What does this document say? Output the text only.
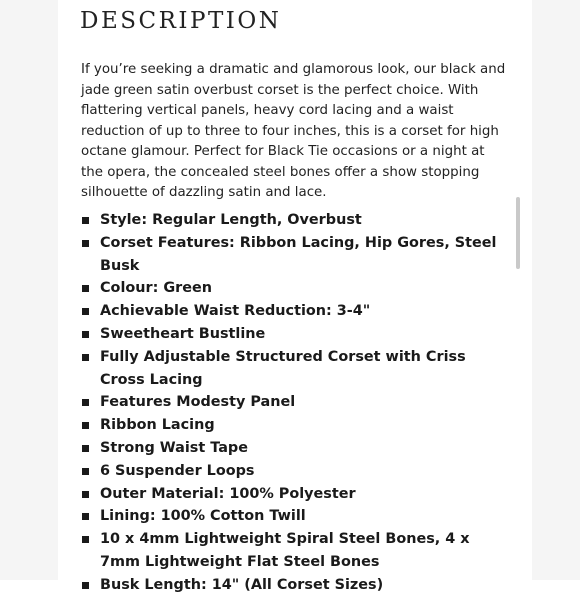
DESCRIPTION

If you’re seeking a dramatic and glamorous look, our black and jade green satin overbust corset is the perfect choice. With flattering vertical panels, heavy cord lacing and a waist reduction of up to three to four inches, this is a corset for high octane glamour. Perfect for Black Tie occasions or a night at the opera, the concealed steel bones offer a show stopping silhouette of dazzling satin and lace.

Style: Regular Length, Overbust
Corset Features: Ribbon Lacing, Hip Gores, Steel Busk
Colour: Green
Achievable Waist Reduction: 3-4"
Sweetheart Bustline
Fully Adjustable Structured Corset with Criss Cross Lacing
Features Modesty Panel
Ribbon Lacing
Strong Waist Tape
6 Suspender Loops
Outer Material: 100% Polyester
Lining: 100% Cotton Twill
10 x 4mm Lightweight Spiral Steel Bones, 4 x 7mm Lightweight Flat Steel Bones
Busk Length: 14" (All Corset Sizes)
